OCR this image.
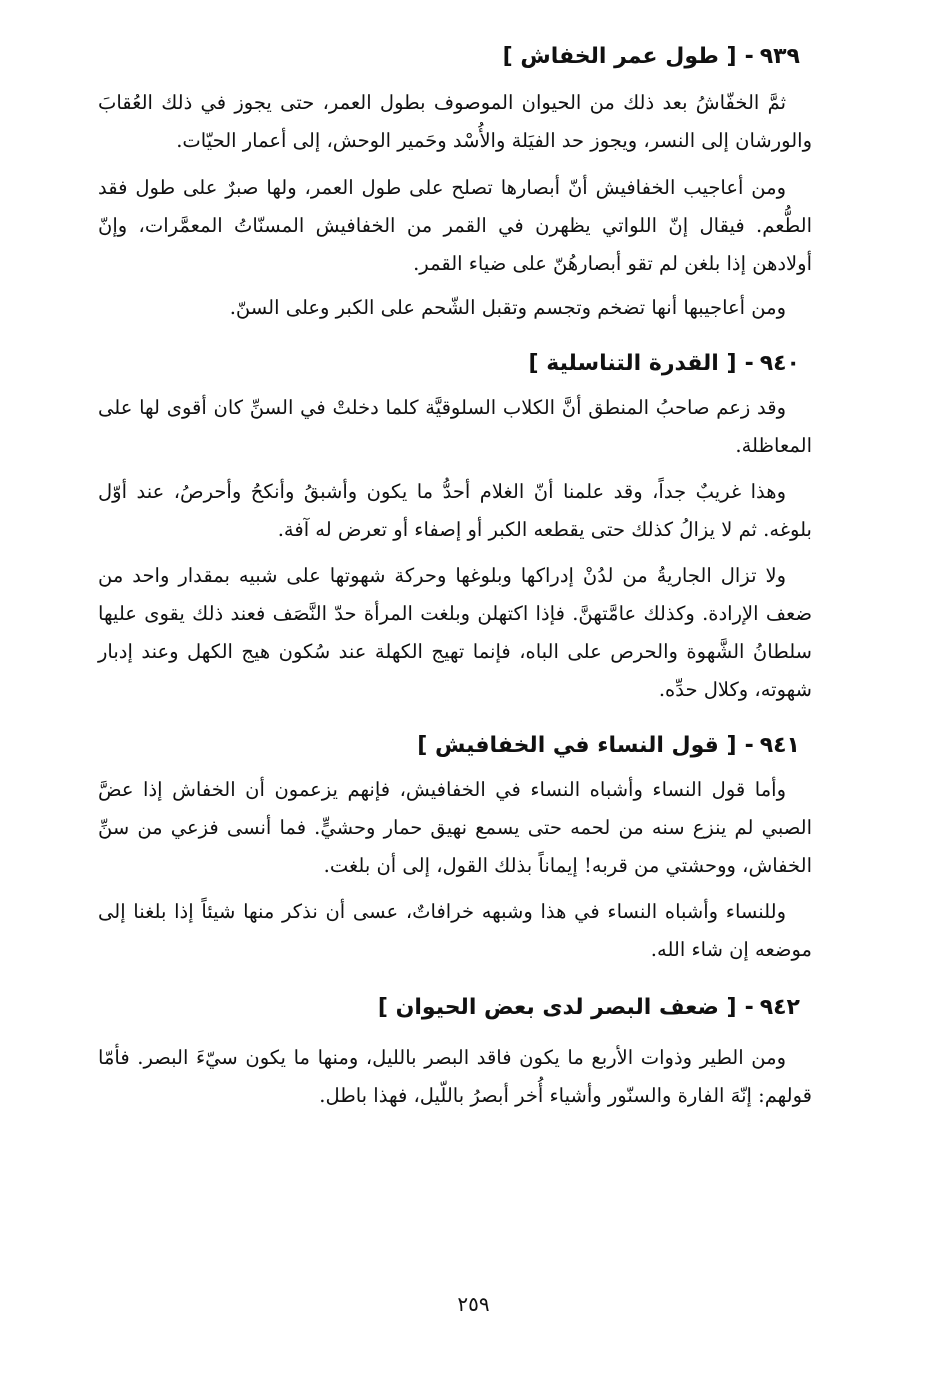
٩٣٩-[ طول عمر الخفاش ]

ثمَّ الخفّاشُ بعد ذلك من الحيوان الموصوف بطول العمر، حتى يجوز في ذلك العُقابَ والورشان إلى النسر، ويجوز حد الفيَلة والأُسْد وحَمير الوحش، إلى أعمار الحيّات.

ومن أعاجيب الخفافيش أنّ أبصارها تصلح على طول العمر، ولها صبرٌ على طول فقد الطُّعم. فيقال إنّ اللواتي يظهرن في القمر من الخفافيش المسنّاتُ المعمَّرات، وإنّ أولادهن إذا بلغن لم تقو أبصارهُنّ على ضياء القمر.

ومن أعاجيبها أنها تضخم وتجسم وتقبل الشّحم على الكبر وعلى السنّ.

٩٤٠-[ القدرة التناسلية ]

وقد زعم صاحبُ المنطق أنَّ الكلاب السلوقيَّة كلما دخلتْ في السنِّ كان أقوى لها على المعاظلة.

وهذا غريبٌ جداً، وقد علمنا أنّ الغلام أحدُّ ما يكون وأشبقُ وأنكحُ وأحرصُ، عند أوّل بلوغه. ثم لا يزالُ كذلك حتى يقطعه الكبر أو إصفاء أو تعرض له آفة.

ولا تزال الجاريةُ من لدُنْ إدراكها وبلوغها وحركة شهوتها على شبيه بمقدار واحد من ضعف الإرادة. وكذلك عامَّتهنَّ. فإذا اكتهلن وبلغت المرأة حدّ النَّصَف فعند ذلك يقوى عليها سلطانُ الشَّهوة والحرص على الباه، فإنما تهيج الكهلة عند سُكون هيج الكهل وعند إدبار شهوته، وكلال حدِّه.

٩٤١-[ قول النساء في الخفافيش ]

وأما قول النساء وأشباه النساء في الخفافيش، فإنهم يزعمون أن الخفاش إذا عضَّ الصبي لم ينزع سنه من لحمه حتى يسمع نهيق حمار وحشيٍّ. فما أنسى فزعي من سنِّ الخفاش، ووحشتي من قربه! إيماناً بذلك القول، إلى أن بلغت.

وللنساء وأشباه النساء في هذا وشبهه خرافاتٌ، عسى أن نذكر منها شيئاً إذا بلغنا إلى موضعه إن شاء الله.

٩٤٢-[ ضعف البصر لدى بعض الحيوان ]

ومن الطير وذوات الأربع ما يكون فاقد البصر بالليل، ومنها ما يكون سيّءَ البصر. فأمّا قولهم: إنّهَ الفارة والسنّور وأشياء أُخر أبصرُ باللّيل، فهذا باطل.

٢٥٩
